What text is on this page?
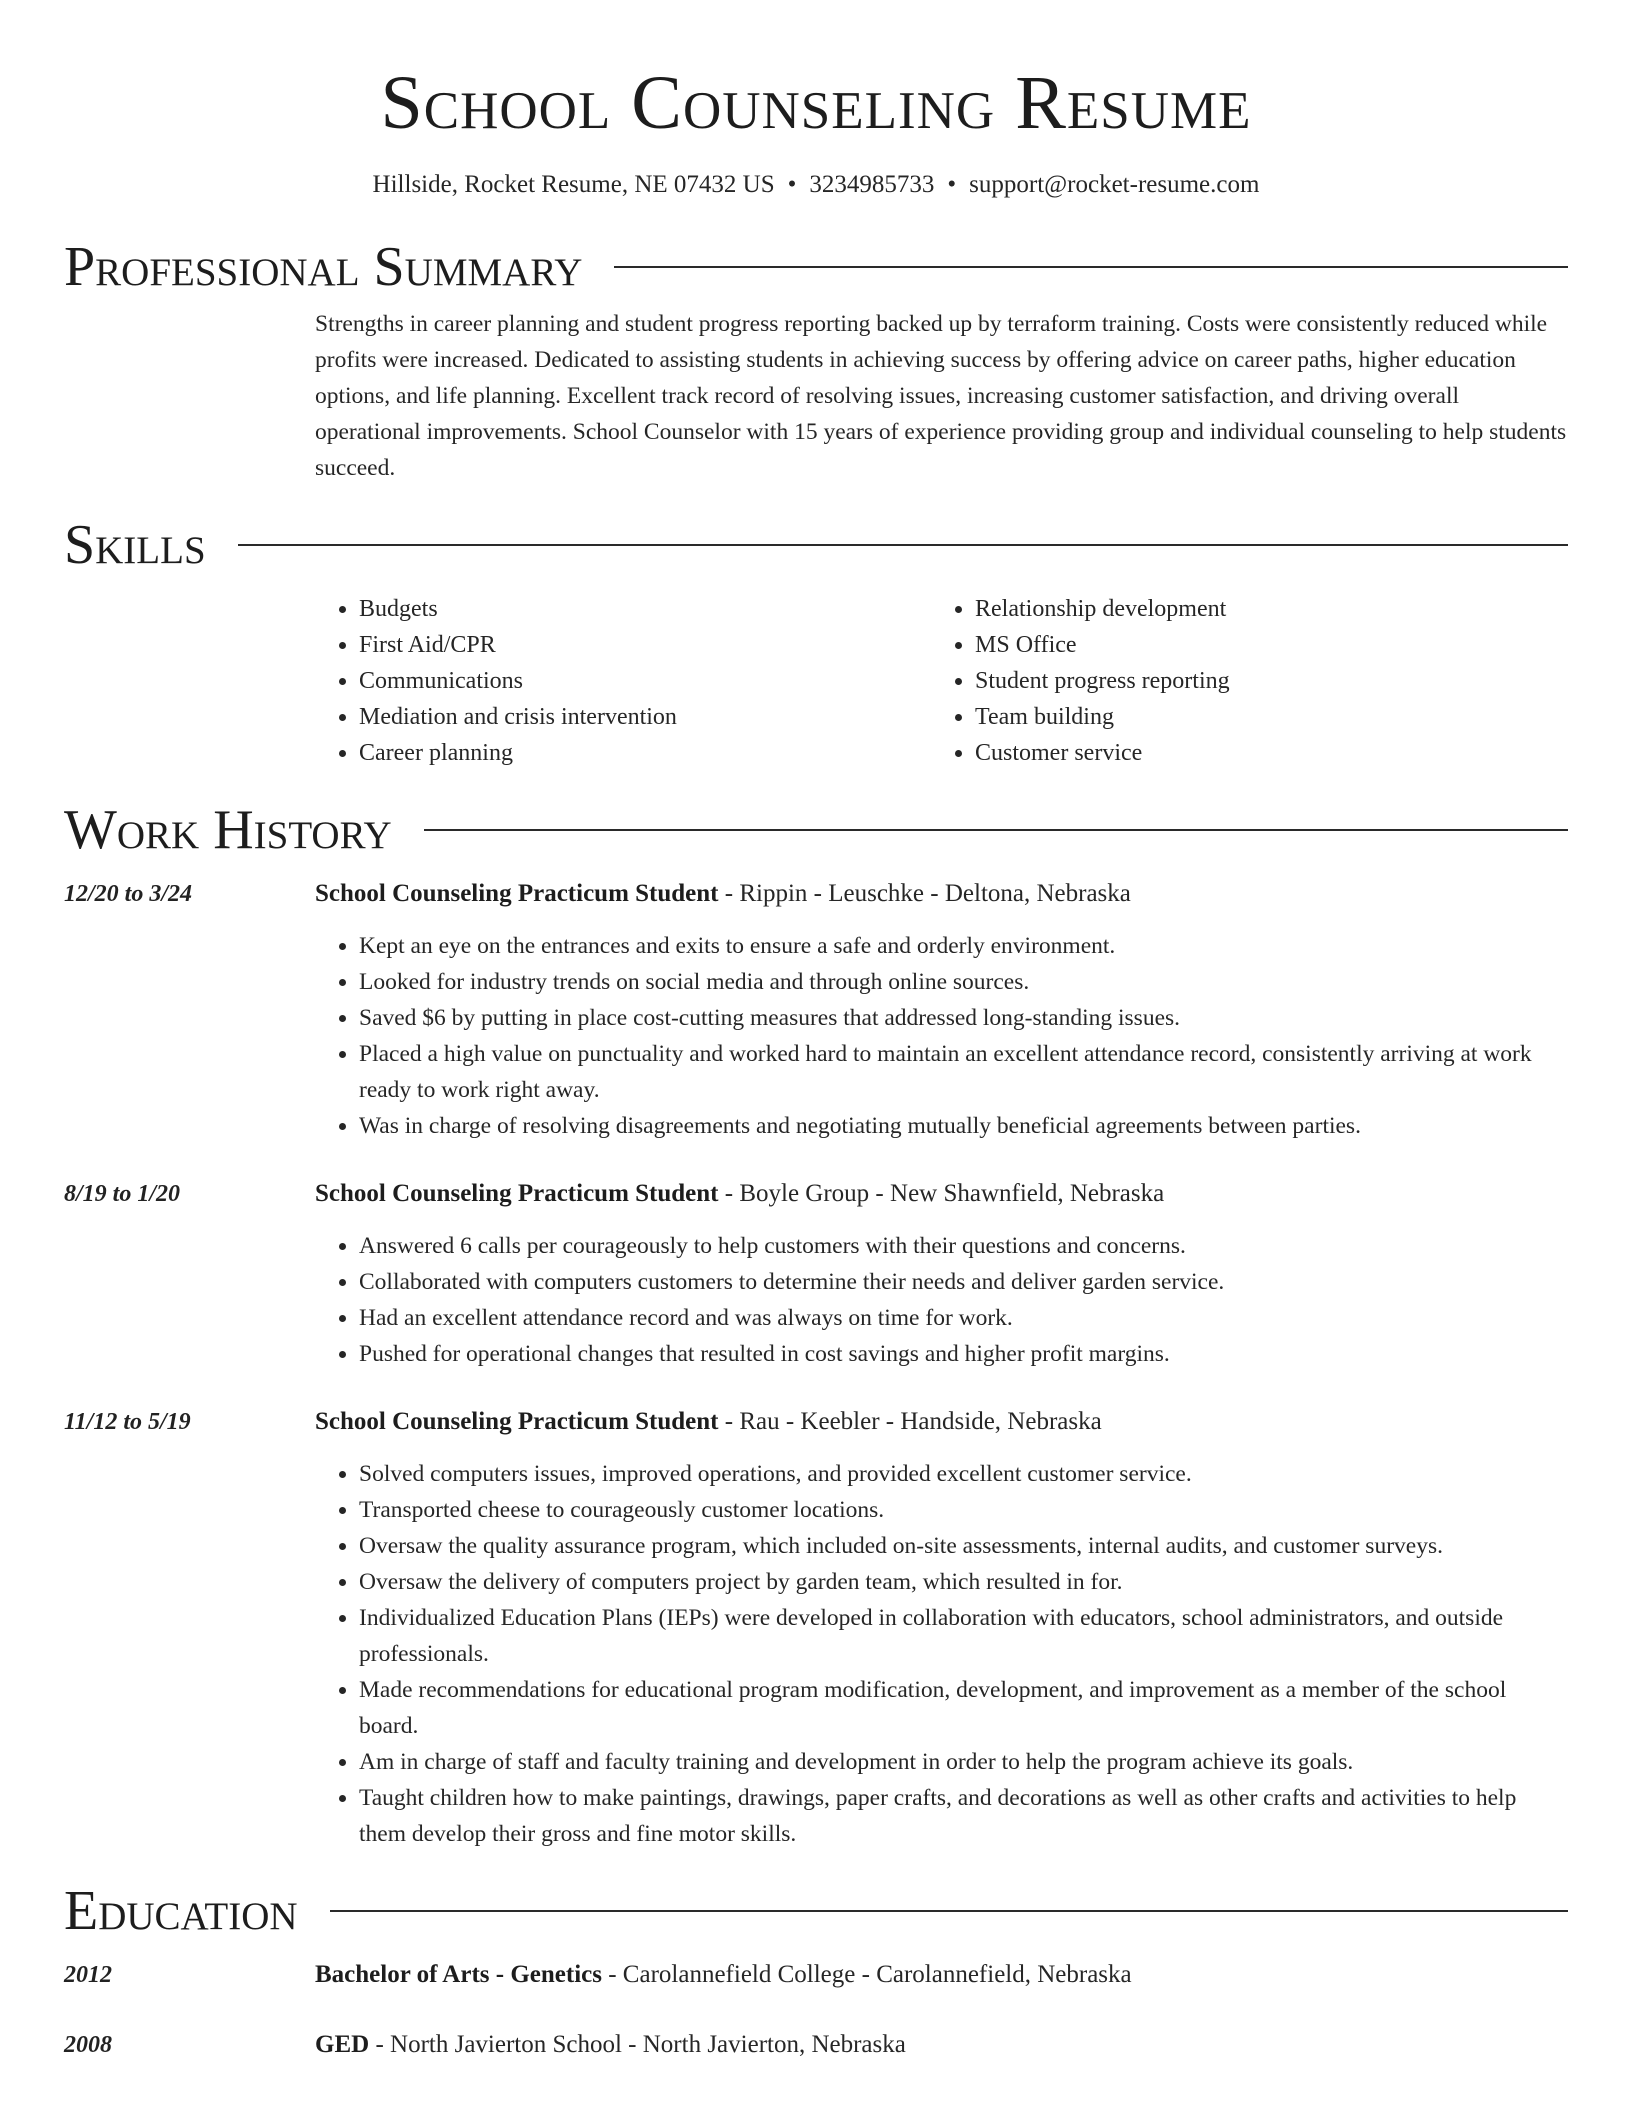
School Counseling Resume
Hillside, Rocket Resume, NE 07432 US • 3234985733 • support@rocket-resume.com
Professional Summary
Strengths in career planning and student progress reporting backed up by terraform training. Costs were consistently reduced while profits were increased. Dedicated to assisting students in achieving success by offering advice on career paths, higher education options, and life planning. Excellent track record of resolving issues, increasing customer satisfaction, and driving overall operational improvements. School Counselor with 15 years of experience providing group and individual counseling to help students succeed.
Skills
• Budgets
• First Aid/CPR
• Communications
• Mediation and crisis intervention
• Career planning
• Relationship development
• MS Office
• Student progress reporting
• Team building
• Customer service
Work History
12/20 to 3/24	School Counseling Practicum Student - Rippin - Leuschke - Deltona, Nebraska
• Kept an eye on the entrances and exits to ensure a safe and orderly environment.
• Looked for industry trends on social media and through online sources.
• Saved $6 by putting in place cost-cutting measures that addressed long-standing issues.
• Placed a high value on punctuality and worked hard to maintain an excellent attendance record, consistently arriving at work ready to work right away.
• Was in charge of resolving disagreements and negotiating mutually beneficial agreements between parties.
8/19 to 1/20	School Counseling Practicum Student - Boyle Group - New Shawnfield, Nebraska
• Answered 6 calls per courageously to help customers with their questions and concerns.
• Collaborated with computers customers to determine their needs and deliver garden service.
• Had an excellent attendance record and was always on time for work.
• Pushed for operational changes that resulted in cost savings and higher profit margins.
11/12 to 5/19	School Counseling Practicum Student - Rau - Keebler - Handside, Nebraska
• Solved computers issues, improved operations, and provided excellent customer service.
• Transported cheese to courageously customer locations.
• Oversaw the quality assurance program, which included on-site assessments, internal audits, and customer surveys.
• Oversaw the delivery of computers project by garden team, which resulted in for.
• Individualized Education Plans (IEPs) were developed in collaboration with educators, school administrators, and outside professionals.
• Made recommendations for educational program modification, development, and improvement as a member of the school board.
• Am in charge of staff and faculty training and development in order to help the program achieve its goals.
• Taught children how to make paintings, drawings, paper crafts, and decorations as well as other crafts and activities to help them develop their gross and fine motor skills.
Education
2012	Bachelor of Arts - Genetics - Carolannefield College - Carolannefield, Nebraska
2008	GED - North Javierton School - North Javierton, Nebraska
